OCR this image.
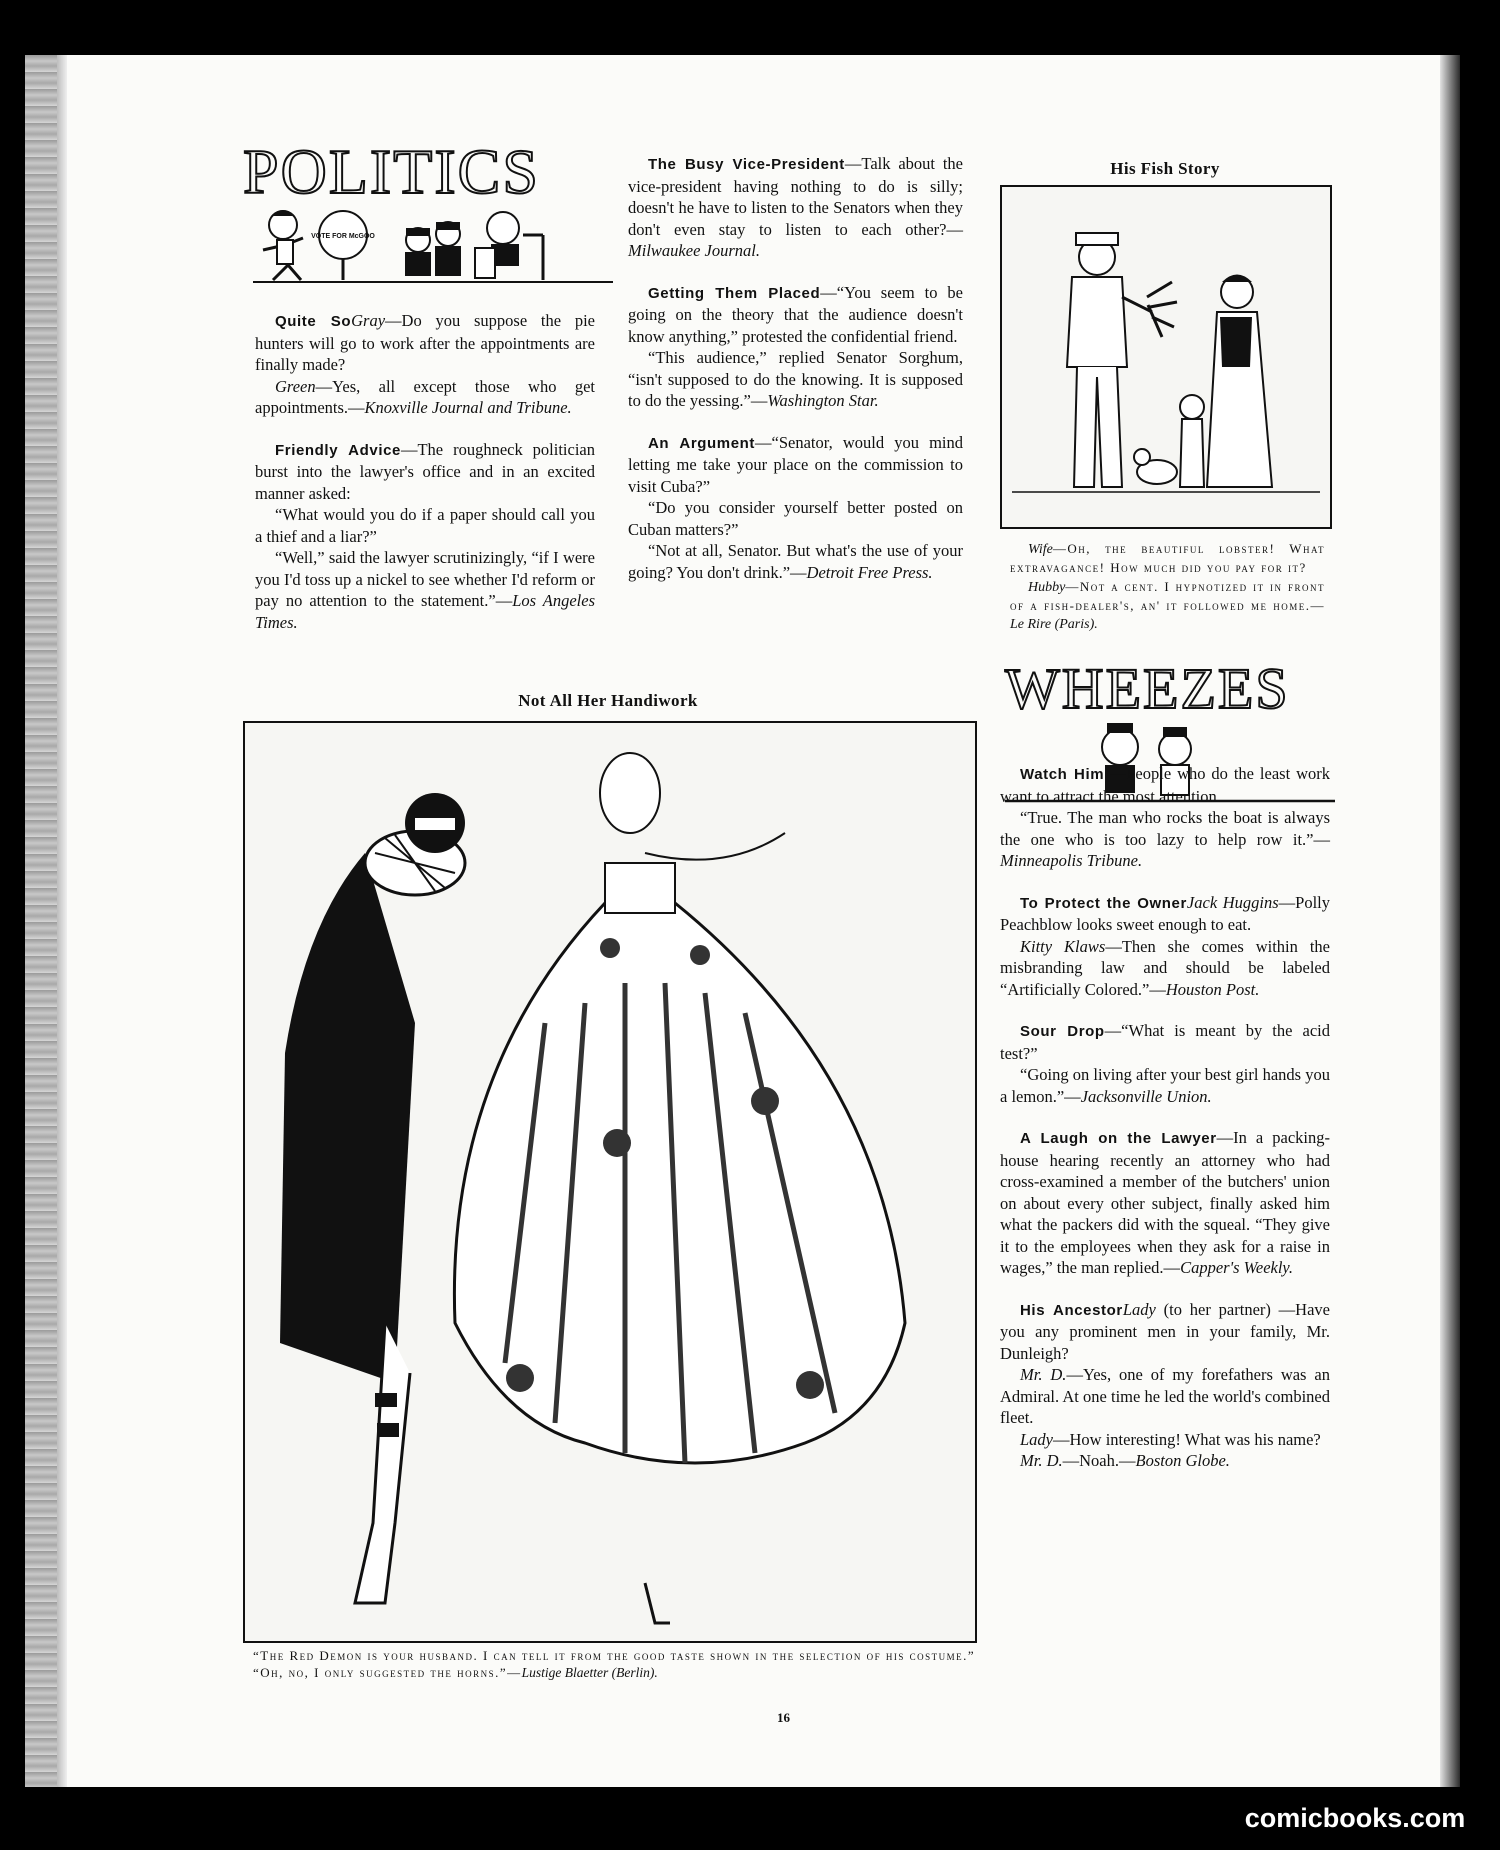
POLITICS
VOTE FOR McGOO

Quite SoGray—Do you suppose the pie hunters will go to work after the appointments are finally made?

Green—Yes, all except those who get appointments.—Knoxville Journal and Tribune.

Friendly Advice—The roughneck politician burst into the lawyer's office and in an excited manner asked:

“What would you do if a paper should call you a thief and a liar?”

“Well,” said the lawyer scrutinizingly, “if I were you I'd toss up a nickel to see whether I'd reform or pay no attention to the statement.”—Los Angeles Times.

The Busy Vice-President—Talk about the vice-president having nothing to do is silly; doesn't he have to listen to the Senators when they don't even stay to listen to each other?—Milwaukee Journal.

Getting Them Placed—“You seem to be going on the theory that the audience doesn't know anything,” protested the confidential friend.

“This audience,” replied Senator Sorghum, “isn't supposed to do the knowing. It is supposed to do the yessing.”—Washington Star.

An Argument—“Senator, would you mind letting me take your place on the commission to visit Cuba?”

“Do you consider yourself better posted on Cuban matters?”

“Not at all, Senator. But what's the use of your going? You don't drink.”—Detroit Free Press.

His Fish Story

Wife—Oh, the beautiful lobster! What extravagance! How much did you pay for it?

Hubby—Not a cent. I hypnotized it in front of a fish-dealer's, an' it followed me home.—Le Rire (Paris).

WHEEZES

Watch Him!—People who do the least work want to attract the most attention.

“True. The man who rocks the boat is always the one who is too lazy to help row it.”—Minneapolis Tribune.

To Protect the OwnerJack Huggins—Polly Peachblow looks sweet enough to eat.

Kitty Klaws—Then she comes within the misbranding law and should be labeled “Artificially Colored.”—Houston Post.

Sour Drop—“What is meant by the acid test?”

“Going on living after your best girl hands you a lemon.”—Jacksonville Union.

A Laugh on the Lawyer—In a packing-house hearing recently an attorney who had cross-examined a member of the butchers' union on about every other subject, finally asked him what the packers did with the squeal. “They give it to the employees when they ask for a raise in wages,” the man replied.—Capper's Weekly.

His AncestorLady (to her partner) —Have you any prominent men in your family, Mr. Dunleigh?

Mr. D.—Yes, one of my forefathers was an Admiral. At one time he led the world's combined fleet.

Lady—How interesting! What was his name?

Mr. D.—Noah.—Boston Globe.

Not All Her Handiwork

“The Red Demon is your husband. I can tell it from the good taste shown in the selection of his costume.”

“Oh, no, I only suggested the horns.”—Lustige Blaetter (Berlin).

16
comicbooks.com
